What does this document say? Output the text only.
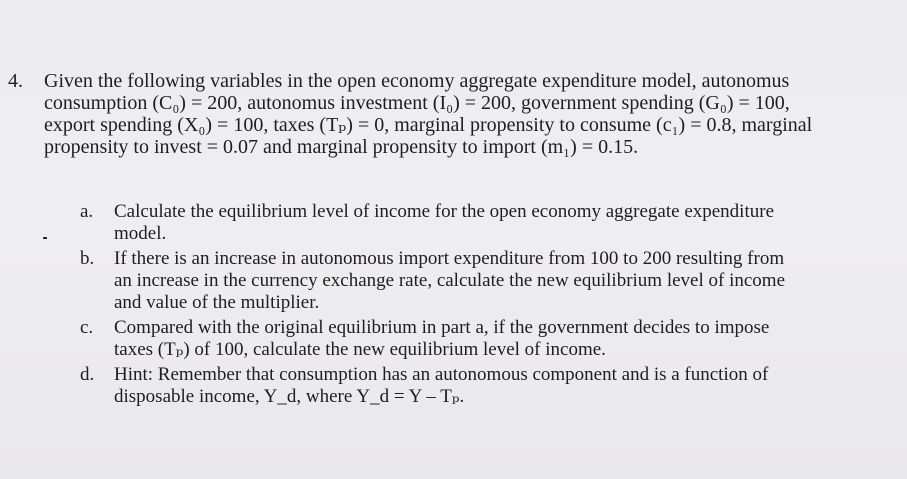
4. Given the following variables in the open economy aggregate expenditure model, autonomus
consumption (C₀) = 200, autonomus investment (I₀) = 200, government spending (G₀) = 100,
export spending (X₀) = 100, taxes (Tₚ) = 0, marginal propensity to consume (c₁) = 0.8, marginal
propensity to invest = 0.07 and marginal propensity to import (m₁) = 0.15.
a. Calculate the equilibrium level of income for the open economy aggregate expenditure
model.
b. If there is an increase in autonomous import expenditure from 100 to 200 resulting from
an increase in the currency exchange rate, calculate the new equilibrium level of income
and value of the multiplier.
c. Compared with the original equilibrium in part a, if the government decides to impose
taxes (Tₚ) of 100, calculate the new equilibrium level of income.
d. Hint: Remember that consumption has an autonomous component and is a function of
disposable income, Y_d, where Y_d = Y – Tₚ.
